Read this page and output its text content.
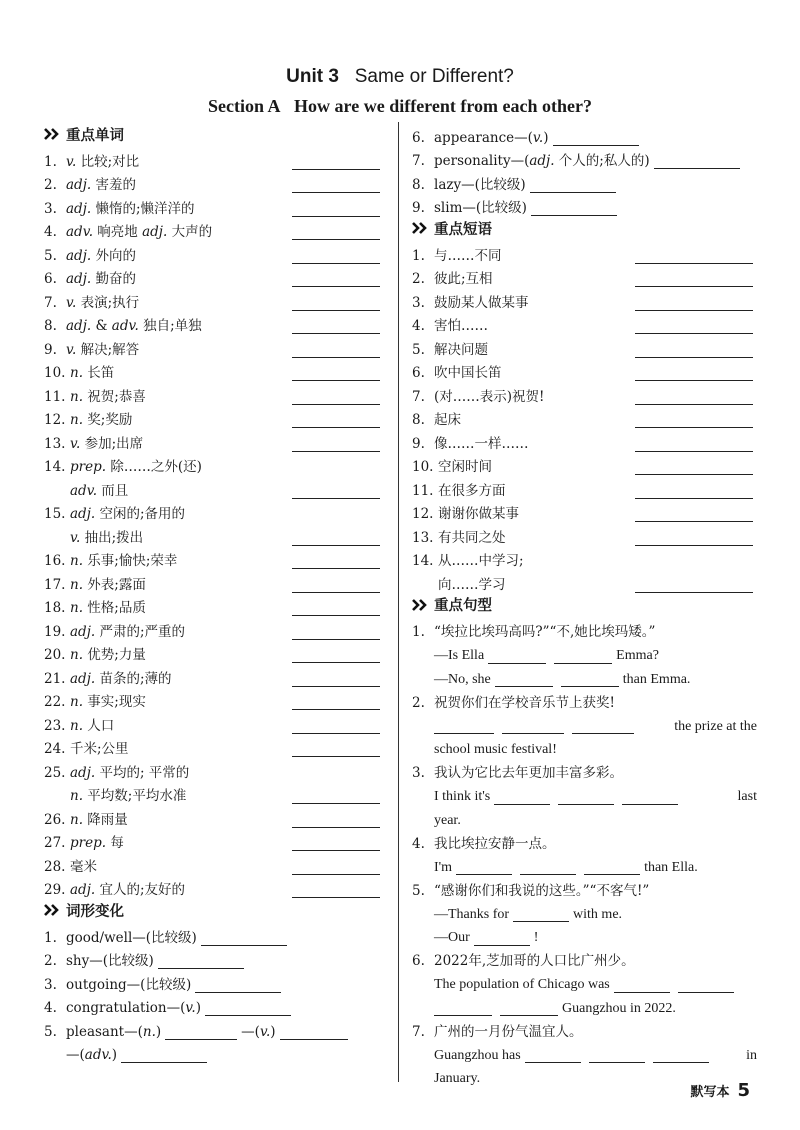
Unit 3 Same or Different?
Section A How are we different from each other?
重点单词
1. v. 比较;对比
2. adj. 害羞的
3. adj. 懒惰的;懒洋洋的
4. adv. 响亮地 adj. 大声的
5. adj. 外向的
6. adj. 勤奋的
7. v. 表演;执行
8. adj. & adv. 独自;单独
9. v. 解决;解答
10. n. 长笛
11. n. 祝贺;恭喜
12. n. 奖;奖励
13. v. 参加;出席
14. prep. 除……之外(还)
adv. 而且
15. adj. 空闲的;备用的
v. 抽出;拨出
16. n. 乐事;愉快;荣幸
17. n. 外表;露面
18. n. 性格;品质
19. adj. 严肃的;严重的
20. n. 优势;力量
21. adj. 苗条的;薄的
22. n. 事实;现实
23. n. 人口
24. 千米;公里
25. adj. 平均的; 平常的
n. 平均数;平均水准
26. n. 降雨量
27. prep. 每
28. 毫米
29. adj. 宜人的;友好的
词形变化
1. good/well—(比较级)
2. shy—(比较级)
3. outgoing—(比较级)
4. congratulation—(v.)
5. pleasant—(n.)	—(v.)
—(adv.)
6. appearance—(v.)
7. personality—(adj. 个人的;私人的)
8. lazy—(比较级)
9. slim—(比较级)
重点短语
1. 与……不同
2. 彼此;互相
3. 鼓励某人做某事
4. 害怕……
5. 解决问题
6. 吹中国长笛
7. (对……表示)祝贺!
8. 起床
9. 像……一样……
10. 空闲时间
11. 在很多方面
12. 谢谢你做某事
13. 有共同之处
14. 从……中学习;
向……学习
重点句型
1. “埃拉比埃玛高吗?”“不,她比埃玛矮。”
—Is Ella	Emma?
—No, she	than Emma.
2. 祝贺你们在学校音乐节上获奖!
the prize at the
school music festival!
3. 我认为它比去年更加丰富多彩。
I think it's	last
year.
4. 我比埃拉安静一点。
I'm	than Ella.
5. “感谢你们和我说的这些。”“不客气!”
—Thanks for	with me.
—Our	!
6. 2022年,芝加哥的人口比广州少。
The population of Chicago was
Guangzhou in 2022.
7. 广州的一月份气温宜人。
Guangzhou has	in
January.
默写本 5
